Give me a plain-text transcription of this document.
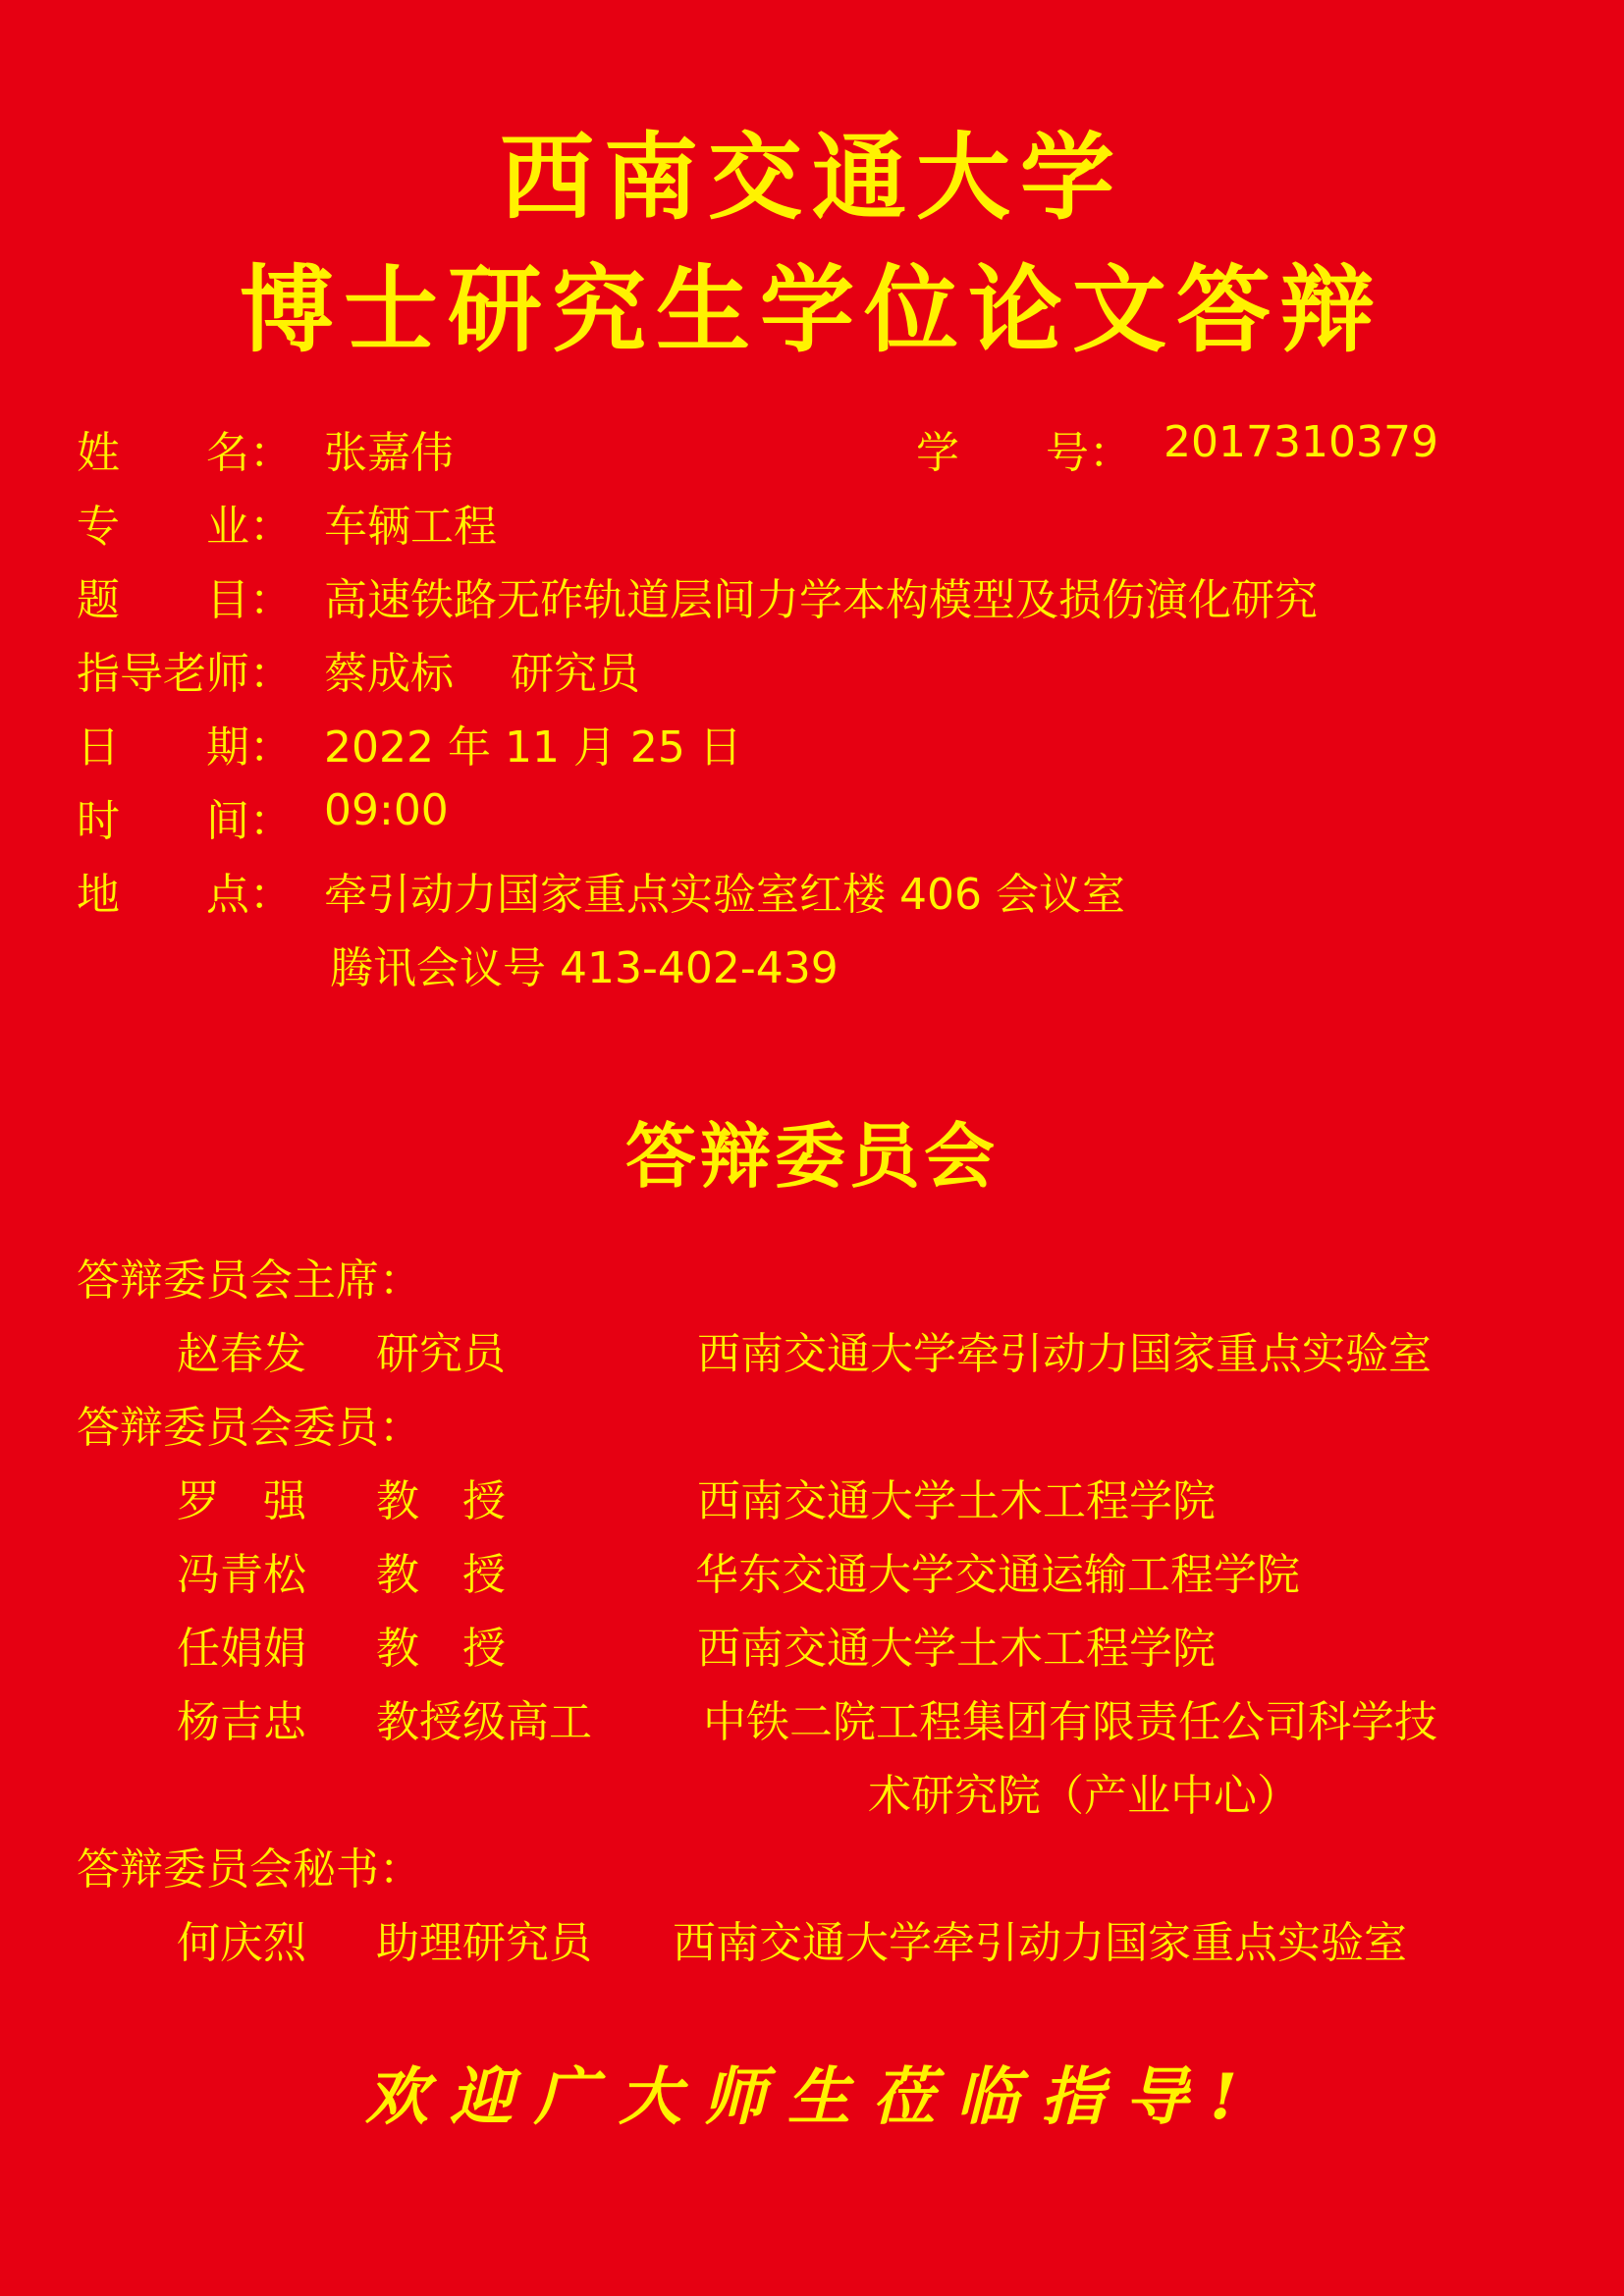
西南交通大学
博士研究生学位论文答辩
姓　　名： 张嘉伟	学　　号： 2017310379
专　　业： 车辆工程
题　　目： 高速铁路无砟轨道层间力学本构模型及损伤演化研究
指导老师： 蔡成标　 研究员
日　　期： 2022 年 11 月 25 日
时　　间： 09:00
地　　点： 牵引动力国家重点实验室红楼 406 会议室
腾讯会议号 413-402-439
答辩委员会
答辩委员会主席：
赵春发 研究员	西南交通大学牵引动力国家重点实验室
答辩委员会委员：
罗　强 教　授	西南交通大学土木工程学院
冯青松 教　授	华东交通大学交通运输工程学院
任娟娟 教　授	西南交通大学土木工程学院
杨吉忠 教授级高工	中铁二院工程集团有限责任公司科学技
术研究院（产业中心）
答辩委员会秘书：
何庆烈 助理研究员 西南交通大学牵引动力国家重点实验室
欢迎广大师生莅临指导!
